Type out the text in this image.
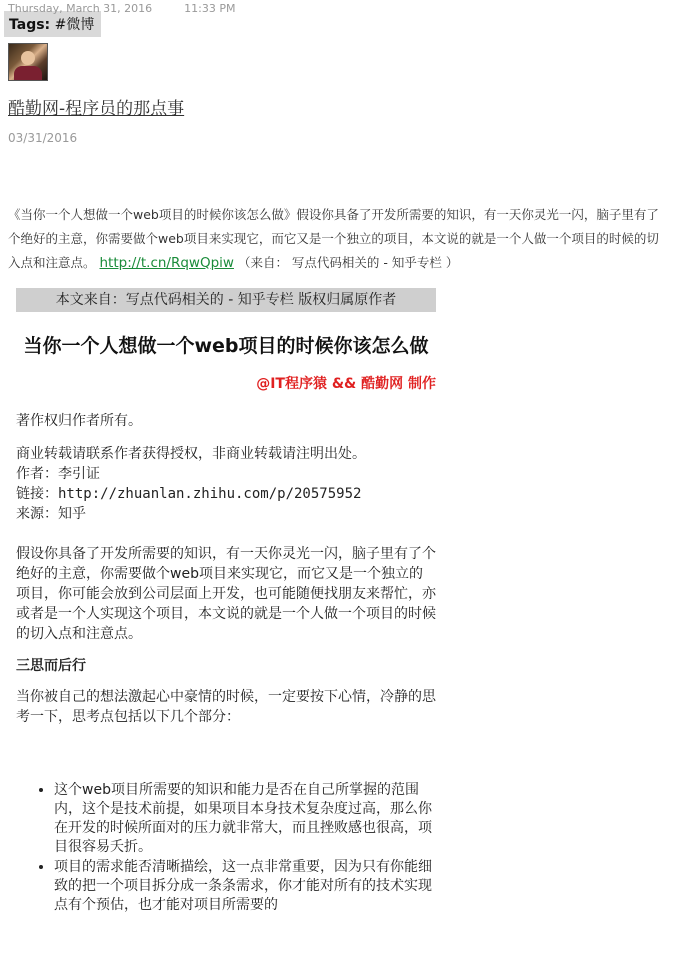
Thursday, March 31, 2016	11:33 PM
Tags: #微博
酷勤网-程序员的那点事
03/31/2016
《当你一个人想做一个web项目的时候你该怎么做》假设你具备了开发所需要的知识，有一天你灵光一闪，脑子里有了个绝好的主意，你需要做个web项目来实现它，而它又是一个独立的项目，本文说的就是一个人做一个项目的时候的切入点和注意点。 http://t.cn/RqwQpiw （来自： 写点代码相关的 - 知乎专栏 ）
本文来自：写点代码相关的 - 知乎专栏 版权归属原作者
当你一个人想做一个web项目的时候你该怎么做
@IT程序猿 && 酷勤网 制作

著作权归作者所有。

商业转载请联系作者获得授权，非商业转载请注明出处。
作者：李引证
链接：http://zhuanlan.zhihu.com/p/20575952
来源：知乎

假设你具备了开发所需要的知识，有一天你灵光一闪，脑子里有了个绝好的主意，你需要做个web项目来实现它，而它又是一个独立的项目，你可能会放到公司层面上开发，也可能随便找朋友来帮忙，亦或者是一个人实现这个项目，本文说的就是一个人做一个项目的时候的切入点和注意点。

三思而后行

当你被自己的想法激起心中豪情的时候，一定要按下心情，冷静的思考一下，思考点包括以下几个部分：

• 这个web项目所需要的知识和能力是否在自己所掌握的范围内，这个是技术前提，如果项目本身技术复杂度过高，那么你在开发的时候所面对的压力就非常大，而且挫败感也很高，项目很容易夭折。
• 项目的需求能否清晰描绘，这一点非常重要，因为只有你能细致的把一个项目拆分成一条条需求，你才能对所有的技术实现点有个预估，也才能对项目所需要的
